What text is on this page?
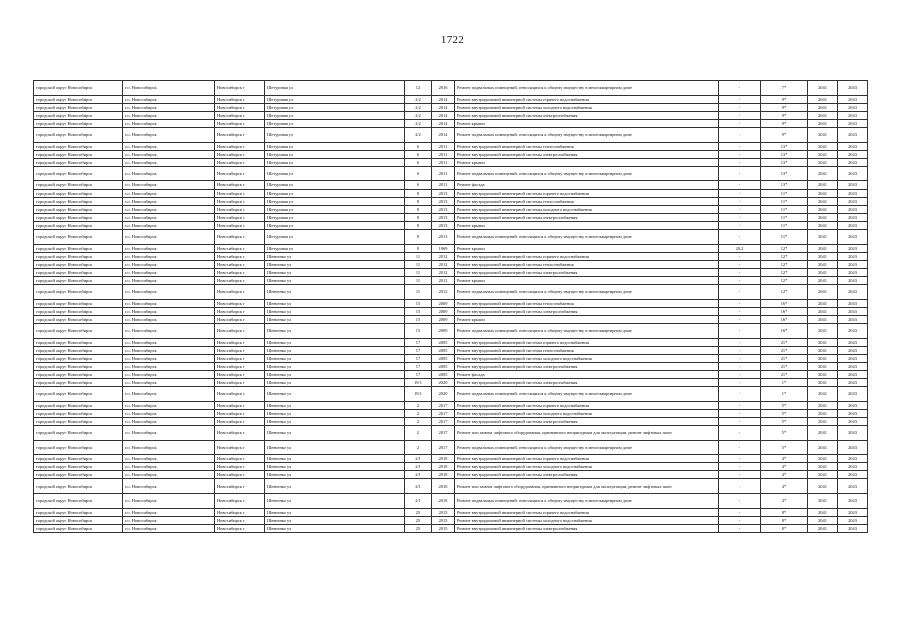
1722
городской округ Новосибирск	г.о. Новосибирск	Новосибирск г	Шетуровая ул	12	2016	Ремонт подвальных помещений, относящихся к общему имуществу в многоквартирном доме	-	7*	2041	2043
городской округ Новосибирск	г.о. Новосибирск	Новосибирск г	Шетуровая ул	2/2	2014	Ремонт внутридомовой инженерной системы горячего водоснабжения	-	9*	2041	2043
городской округ Новосибирск	г.о. Новосибирск	Новосибирск г	Шетуровая ул	2/2	2014	Ремонт внутридомовой инженерной системы холодного водоснабжения	-	9*	2041	2043
городской округ Новосибирск	г.о. Новосибирск	Новосибирск г	Шетуровая ул	2/2	2014	Ремонт внутридомовой инженерной системы электроснабжения	-	9*	2041	2043
городской округ Новосибирск	г.о. Новосибирск	Новосибирск г	Шетуровая ул	2/2	2014	Ремонт крыши	-	9*	2041	2043
городской округ Новосибирск	г.о. Новосибирск	Новосибирск г	Шетуровая ул	2/2	2014	Ремонт подвальных помещений, относящихся к общему имуществу в многоквартирном доме	-	9*	2041	2043
городской округ Новосибирск	г.о. Новосибирск	Новосибирск г	Шетуровая ул	6	2011	Ремонт внутридомовой инженерной системы теплоснабжения	-	13*	2041	2043
городской округ Новосибирск	г.о. Новосибирск	Новосибирск г	Шетуровая ул	6	2011	Ремонт внутридомовой инженерной системы электроснабжения	-	13*	2041	2043
городской округ Новосибирск	г.о. Новосибирск	Новосибирск г	Шетуровая ул	6	2011	Ремонт крыши	-	13*	2041	2043
городской округ Новосибирск	г.о. Новосибирск	Новосибирск г	Шетуровая ул	6	2011	Ремонт подвальных помещений, относящихся к общему имуществу в многоквартирном доме	-	13*	2041	2043
городской округ Новосибирск	г.о. Новосибирск	Новосибирск г	Шетуровая ул	6	2011	Ремонт фасада	-	13*	2041	2043
городской округ Новосибирск	г.о. Новосибирск	Новосибирск г	Шетуровая ул	8	2013	Ремонт внутридомовой инженерной системы горячего водоснабжения	-	11*	2041	2043
городской округ Новосибирск	г.о. Новосибирск	Новосибирск г	Шетуровая ул	8	2013	Ремонт внутридомовой инженерной системы теплоснабжения	-	11*	2041	2043
городской округ Новосибирск	г.о. Новосибирск	Новосибирск г	Шетуровая ул	8	2013	Ремонт внутридомовой инженерной системы холодного водоснабжения	-	11*	2041	2043
городской округ Новосибирск	г.о. Новосибирск	Новосибирск г	Шетуровая ул	8	2013	Ремонт внутридомовой инженерной системы электроснабжения	-	11*	2041	2043
городской округ Новосибирск	г.о. Новосибирск	Новосибирск г	Шетуровая ул	8	2013	Ремонт крыши	-	11*	2041	2043
городской округ Новосибирск	г.о. Новосибирск	Новосибирск г	Шетуровая ул	8	2013	Ремонт подвальных помещений, относящихся к общему имуществу в многоквартирном доме	-	11*	2041	2043
городской округ Новосибирск	г.о. Новосибирск	Новосибирск г	Шетуровая ул	9	1969	Ремонт крыши	20,2	12*	2041	2043
городской округ Новосибирск	г.о. Новосибирск	Новосибирск г	Шевченко ул	11	2012	Ремонт внутридомовой инженерной системы горячего водоснабжения	-	12*	2041	2043
городской округ Новосибирск	г.о. Новосибирск	Новосибирск г	Шевченко ул	11	2012	Ремонт внутридомовой инженерной системы теплоснабжения	-	12*	2041	2043
городской округ Новосибирск	г.о. Новосибирск	Новосибирск г	Шевченко ул	11	2012	Ремонт внутридомовой инженерной системы электроснабжения	-	12*	2041	2043
городской округ Новосибирск	г.о. Новосибирск	Новосибирск г	Шевченко ул	11	2012	Ремонт крыши	-	12*	2041	2043
городской округ Новосибирск	г.о. Новосибирск	Новосибирск г	Шевченко ул	11	2012	Ремонт подвальных помещений, относящихся к общему имуществу в многоквартирном доме	-	12*	2041	2043
городской округ Новосибирск	г.о. Новосибирск	Новосибирск г	Шевченко ул	15	2009	Ремонт внутридомовой инженерной системы теплоснабжения	-	16*	2041	2043
городской округ Новосибирск	г.о. Новосибирск	Новосибирск г	Шевченко ул	15	2009	Ремонт внутридомовой инженерной системы электроснабжения	-	16*	2041	2043
городской округ Новосибирск	г.о. Новосибирск	Новосибирск г	Шевченко ул	15	2009	Ремонт крыши	-	16*	2041	2043
городской округ Новосибирск	г.о. Новосибирск	Новосибирск г	Шевченко ул	15	2009	Ремонт подвальных помещений, относящихся к общему имуществу в многоквартирном доме	-	16*	2041	2043
городской округ Новосибирск	г.о. Новосибирск	Новосибирск г	Шевченко ул	17	2005	Ремонт внутридомовой инженерной системы горячего водоснабжения	-	21*	2041	2043
городской округ Новосибирск	г.о. Новосибирск	Новосибирск г	Шевченко ул	17	2005	Ремонт внутридомовой инженерной системы теплоснабжения	-	21*	2041	2043
городской округ Новосибирск	г.о. Новосибирск	Новосибирск г	Шевченко ул	17	2005	Ремонт внутридомовой инженерной системы холодного водоснабжения	-	21*	2041	2043
городской округ Новосибирск	г.о. Новосибирск	Новосибирск г	Шевченко ул	17	2005	Ремонт внутридомовой инженерной системы электроснабжения	-	21*	2041	2043
городской округ Новосибирск	г.о. Новосибирск	Новосибирск г	Шевченко ул	17	2005	Ремонт фасада	-	21*	2041	2043
городской округ Новосибирск	г.о. Новосибирск	Новосибирск г	Шевченко ул	19/1	2020	Ремонт внутридомовой инженерной системы электроснабжения	-	1*	2041	2043
городской округ Новосибирск	г.о. Новосибирск	Новосибирск г	Шевченко ул	19/1	2020	Ремонт подвальных помещений, относящихся к общему имуществу в многоквартирном доме	-	1*	2041	2043
городской округ Новосибирск	г.о. Новосибирск	Новосибирск г	Шевченко ул	2	2017	Ремонт внутридомовой инженерной системы горячего водоснабжения	-	5*	2041	2043
городской округ Новосибирск	г.о. Новосибирск	Новосибирск г	Шевченко ул	2	2017	Ремонт внутридомовой инженерной системы холодного водоснабжения	-	5*	2041	2043
городской округ Новосибирск	г.о. Новосибирск	Новосибирск г	Шевченко ул	2	2017	Ремонт внутридомовой инженерной системы электроснабжения	-	5*	2041	2043
городской округ Новосибирск	г.о. Новосибирск	Новосибирск г	Шевченко ул	2	2017	Ремонт или замена лифтового оборудования, признанного непригодным для эксплуатации, ремонт лифтовых шахт	-	5*	2041	2043
городской округ Новосибирск	г.о. Новосибирск	Новосибирск г	Шевченко ул	2	2017	Ремонт подвальных помещений, относящихся к общему имуществу в многоквартирном доме	-	5*	2041	2043
городской округ Новосибирск	г.о. Новосибирск	Новосибирск г	Шевченко ул	2/1	2018	Ремонт внутридомовой инженерной системы горячего водоснабжения	-	4*	2041	2043
городской округ Новосибирск	г.о. Новосибирск	Новосибирск г	Шевченко ул	2/1	2018	Ремонт внутридомовой инженерной системы холодного водоснабжения	-	4*	2041	2043
городской округ Новосибирск	г.о. Новосибирск	Новосибирск г	Шевченко ул	2/1	2018	Ремонт внутридомовой инженерной системы электроснабжения	-	4*	2041	2043
городской округ Новосибирск	г.о. Новосибирск	Новосибирск г	Шевченко ул	2/1	2018	Ремонт или замена лифтового оборудования, признанного непригодным для эксплуатации, ремонт лифтовых шахт	-	4*	2041	2043
городской округ Новосибирск	г.о. Новосибирск	Новосибирск г	Шевченко ул	2/1	2018	Ремонт подвальных помещений, относящихся к общему имуществу в многоквартирном доме	-	4*	2041	2043
городской округ Новосибирск	г.о. Новосибирск	Новосибирск г	Шевченко ул	25	2015	Ремонт внутридомовой инженерной системы горячего водоснабжения	-	8*	2041	2043
городской округ Новосибирск	г.о. Новосибирск	Новосибирск г	Шевченко ул	25	2015	Ремонт внутридомовой инженерной системы холодного водоснабжения	-	8*	2041	2043
городской округ Новосибирск	г.о. Новосибирск	Новосибирск г	Шевченко ул	25	2015	Ремонт внутридомовой инженерной системы электроснабжения	-	8*	2041	2043
